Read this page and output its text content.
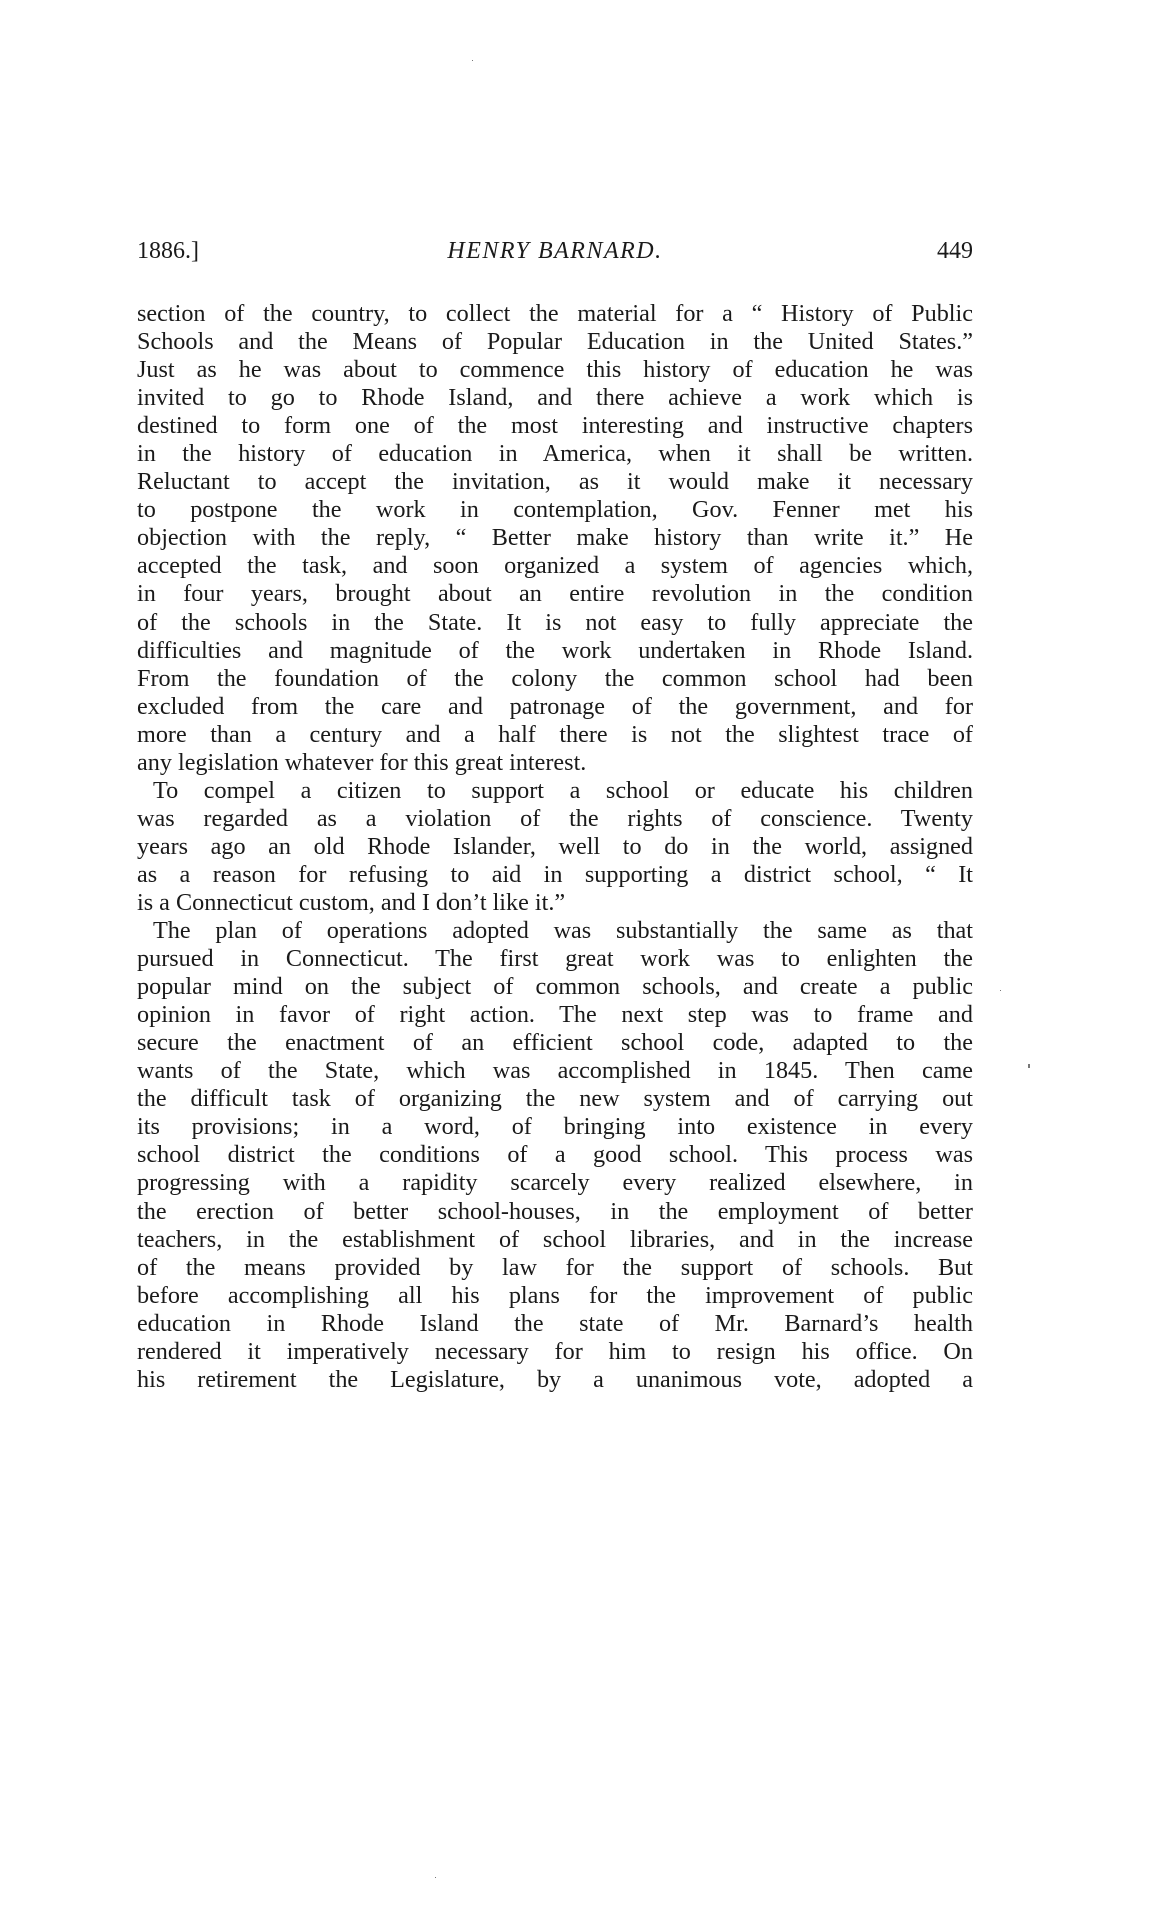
1886.]	HENRY BARNARD.	449
section of the country, to collect the material for a “ History of Public
Schools and the Means of Popular Education in the United States.”
Just as he was about to commence this history of education he was
invited to go to Rhode Island, and there achieve a work which is
destined to form one of the most interesting and instructive chapters
in the history of education in America, when it shall be written.
Reluctant to accept the invitation, as it would make it necessary
to postpone the work in contemplation, Gov. Fenner met his
objection with the reply, “ Better make history than write it.” He
accepted the task, and soon organized a system of agencies which,
in four years, brought about an entire revolution in the condition
of the schools in the State. It is not easy to fully appreciate the
difficulties and magnitude of the work undertaken in Rhode Island.
From the foundation of the colony the common school had been
excluded from the care and patronage of the government, and for
more than a century and a half there is not the slightest trace of
any legislation whatever for this great interest.
To compel a citizen to support a school or educate his children
was regarded as a violation of the rights of conscience. Twenty
years ago an old Rhode Islander, well to do in the world, assigned
as a reason for refusing to aid in supporting a district school, “ It
is a Connecticut custom, and I don’t like it.”
The plan of operations adopted was substantially the same as that
pursued in Connecticut. The first great work was to enlighten the
popular mind on the subject of common schools, and create a public
opinion in favor of right action. The next step was to frame and
secure the enactment of an efficient school code, adapted to the
wants of the State, which was accomplished in 1845. Then came
the difficult task of organizing the new system and of carrying out
its provisions; in a word, of bringing into existence in every
school district the conditions of a good school. This process was
progressing with a rapidity scarcely every realized elsewhere, in
the erection of better school-houses, in the employment of better
teachers, in the establishment of school libraries, and in the increase
of the means provided by law for the support of schools. But
before accomplishing all his plans for the improvement of public
education in Rhode Island the state of Mr. Barnard’s health
rendered it imperatively necessary for him to resign his office. On
his retirement the Legislature, by a unanimous vote, adopted a
